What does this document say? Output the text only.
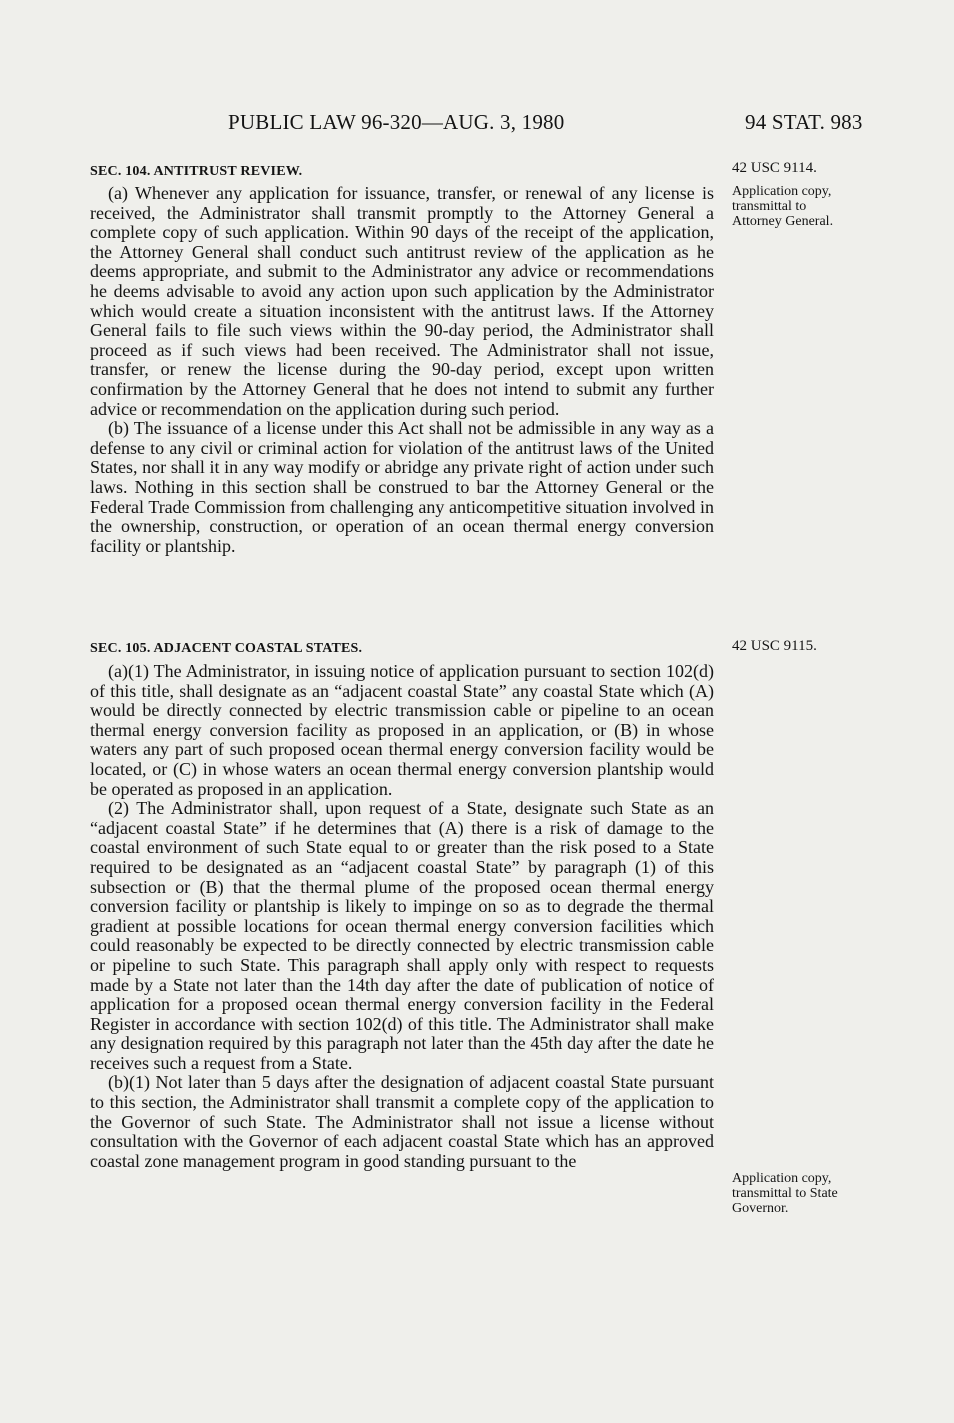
PUBLIC LAW 96-320—AUG. 3, 1980	94 STAT. 983
SEC. 104. ANTITRUST REVIEW.	42 USC 9114.

(a) Whenever any application for issuance, transfer, or renewal of any license is received, the Administrator shall transmit promptly to the Attorney General a complete copy of such application. Within 90 days of the receipt of the application, the Attorney General shall conduct such antitrust review of the application as he deems appropriate, and submit to the Administrator any advice or recommendations he deems advisable to avoid any action upon such application by the Administrator which would create a situation inconsistent with the antitrust laws. If the Attorney General fails to file such views within the 90-day period, the Administrator shall proceed as if such views had been received. The Administrator shall not issue, transfer, or renew the license during the 90-day period, except upon written confirmation by the Attorney General that he does not intend to submit any further advice or recommendation on the application during such period.

(b) The issuance of a license under this Act shall not be admissible in any way as a defense to any civil or criminal action for violation of the antitrust laws of the United States, nor shall it in any way modify or abridge any private right of action under such laws. Nothing in this section shall be construed to bar the Attorney General or the Federal Trade Commission from challenging any anticompetitive situation involved in the ownership, construction, or operation of an ocean thermal energy conversion facility or plantship.

Application copy, transmittal to Attorney General.
SEC. 105. ADJACENT COASTAL STATES.	42 USC 9115.

(a)(1) The Administrator, in issuing notice of application pursuant to section 102(d) of this title, shall designate as an “adjacent coastal State” any coastal State which (A) would be directly connected by electric transmission cable or pipeline to an ocean thermal energy conversion facility as proposed in an application, or (B) in whose waters any part of such proposed ocean thermal energy conversion facility would be located, or (C) in whose waters an ocean thermal energy conversion plantship would be operated as proposed in an application.

(2) The Administrator shall, upon request of a State, designate such State as an “adjacent coastal State” if he determines that (A) there is a risk of damage to the coastal environment of such State equal to or greater than the risk posed to a State required to be designated as an “adjacent coastal State” by paragraph (1) of this subsection or (B) that the thermal plume of the proposed ocean thermal energy conversion facility or plantship is likely to impinge on so as to degrade the thermal gradient at possible locations for ocean thermal energy conversion facilities which could reasonably be expected to be directly connected by electric transmission cable or pipeline to such State. This paragraph shall apply only with respect to requests made by a State not later than the 14th day after the date of publication of notice of application for a proposed ocean thermal energy conversion facility in the Federal Register in accordance with section 102(d) of this title. The Administrator shall make any designation required by this paragraph not later than the 45th day after the date he receives such a request from a State.

(b)(1) Not later than 5 days after the designation of adjacent coastal State pursuant to this section, the Administrator shall transmit a complete copy of the application to the Governor of such State. The Administrator shall not issue a license without consultation with the Governor of each adjacent coastal State which has an approved coastal zone management program in good standing pursuant to the

Application copy, transmittal to State Governor.
